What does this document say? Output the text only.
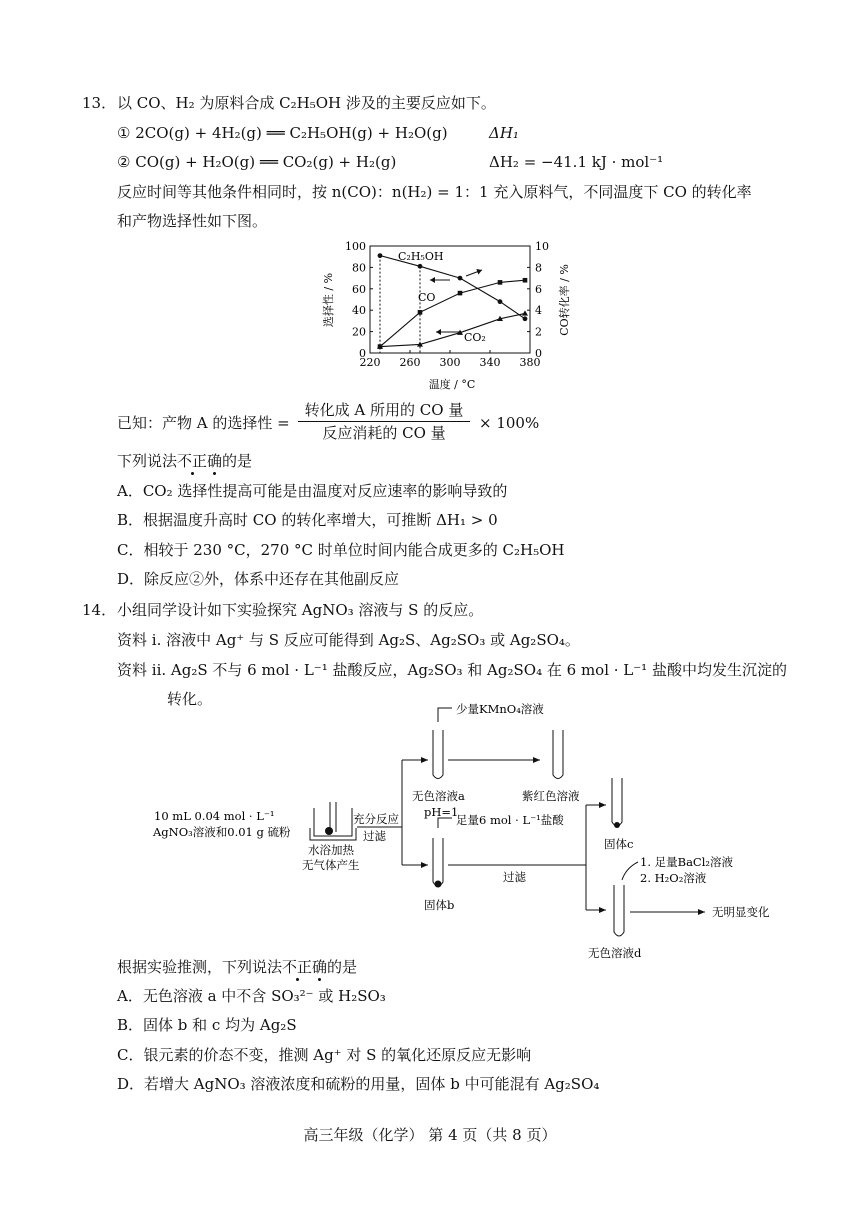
13． 以 CO、H₂ 为原料合成 C₂H₅OH 涉及的主要反应如下。
① 2CO(g) + 4H₂(g) ══ C₂H₅OH(g) + H₂O(g)	ΔH₁
② CO(g) + H₂O(g) ══ CO₂(g) + H₂(g)	ΔH₂ = −41.1 kJ · mol⁻¹
反应时间等其他条件相同时，按 n(CO)：n(H₂) = 1：1 充入原料气，不同温度下 CO 的转化率
和产物选择性如下图。
220 260 300 340 380
0
20
40
60
80
100
0
2
4
6
8
10
温度 / °C
选择性 / %	CO转化率 / %
C₂H₅OH
CO
CO₂
已知：产物 A 的选择性 =
转化成 A 所用的 CO 量
反应消耗的 CO 量
× 100%
下列说法不正确的是
A．CO₂ 选择性提高可能是由温度对反应速率的影响导致的
B．根据温度升高时 CO 的转化率增大，可推断 ΔH₁ > 0
C．相较于 230 °C，270 °C 时单位时间内能合成更多的 C₂H₅OH
D．除反应②外，体系中还存在其他副反应
14． 小组同学设计如下实验探究 AgNO₃ 溶液与 S 的反应。
资料 i. 溶液中 Ag⁺ 与 S 反应可能得到 Ag₂S、Ag₂SO₃ 或 Ag₂SO₄。
资料 ii. Ag₂S 不与 6 mol · L⁻¹ 盐酸反应，Ag₂SO₃ 和 Ag₂SO₄ 在 6 mol · L⁻¹ 盐酸中均发生沉淀的
转化。
10 mL 0.04 mol · L⁻¹
AgNO₃溶液和0.01 g 硫粉
水浴加热
无气体产生
充分反应
过滤
少量KMnO₄溶液
无色溶液a
pH=1
紫红色溶液
足量6 mol · L⁻¹盐酸
固体b
过滤
固体c
1. 足量BaCl₂溶液
2. H₂O₂溶液
无明显变化
无色溶液d
根据实验推测，下列说法不正确的是
A．无色溶液 a 中不含 SO₃²⁻ 或 H₂SO₃
B．固体 b 和 c 均为 Ag₂S
C．银元素的价态不变，推测 Ag⁺ 对 S 的氧化还原反应无影响
D．若增大 AgNO₃ 溶液浓度和硫粉的用量，固体 b 中可能混有 Ag₂SO₄
高三年级（化学） 第 4 页（共 8 页）
